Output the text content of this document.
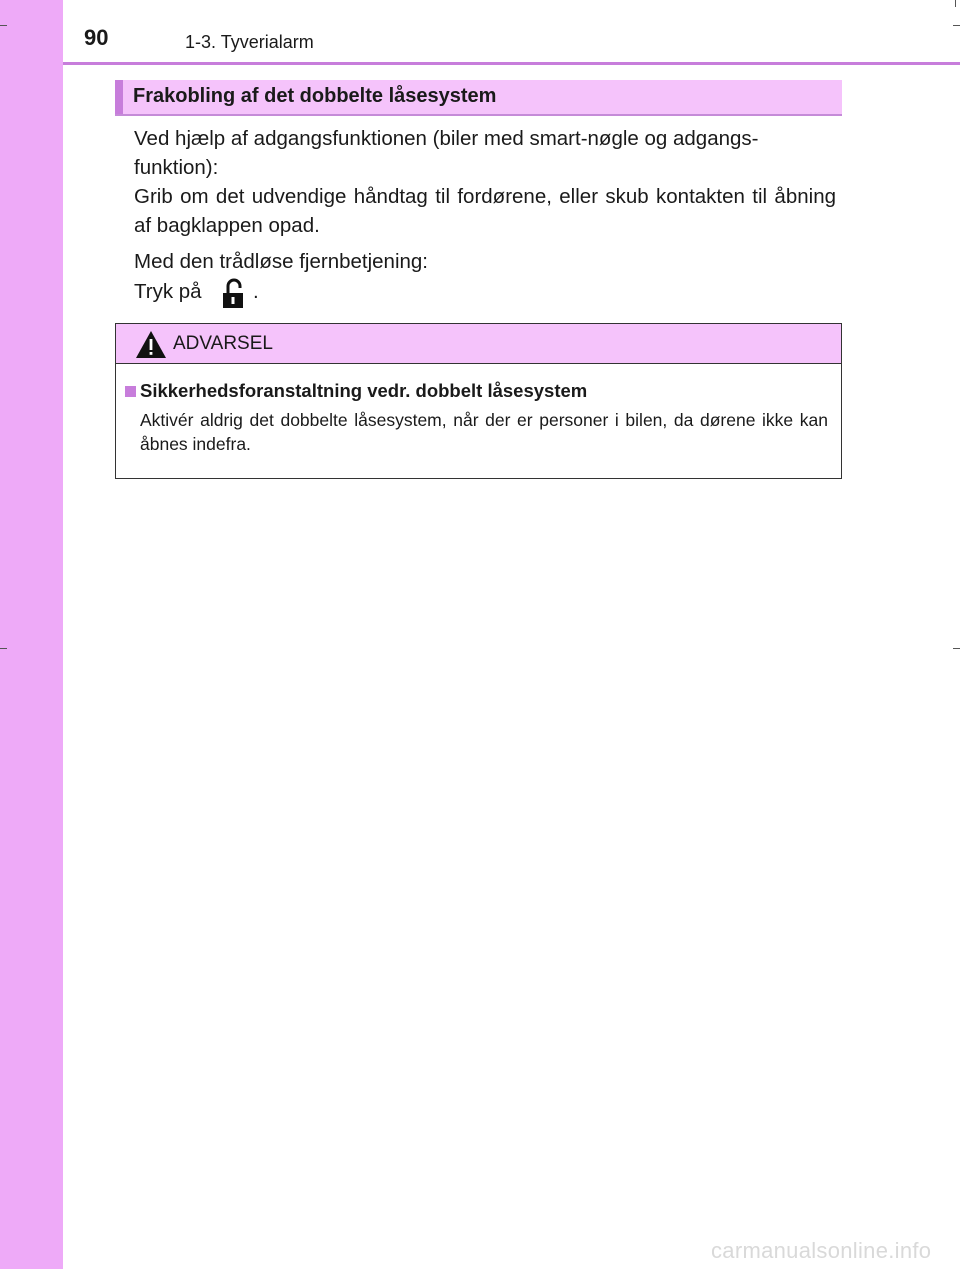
90	1-3. Tyverialarm
Frakobling af det dobbelte låsesystem
Ved hjælp af adgangsfunktionen (biler med smart-nøgle og adgangs-
funktion):
Grib om det udvendige håndtag til fordørene, eller skub kontakten til åbning af bagklappen opad.
Med den trådløse fjernbetjening:
Tryk på	.
ADVARSEL
Sikkerhedsforanstaltning vedr. dobbelt låsesystem
Aktivér aldrig det dobbelte låsesystem, når der er personer i bilen, da dørene ikke kan åbnes indefra.
carmanualsonline.info
